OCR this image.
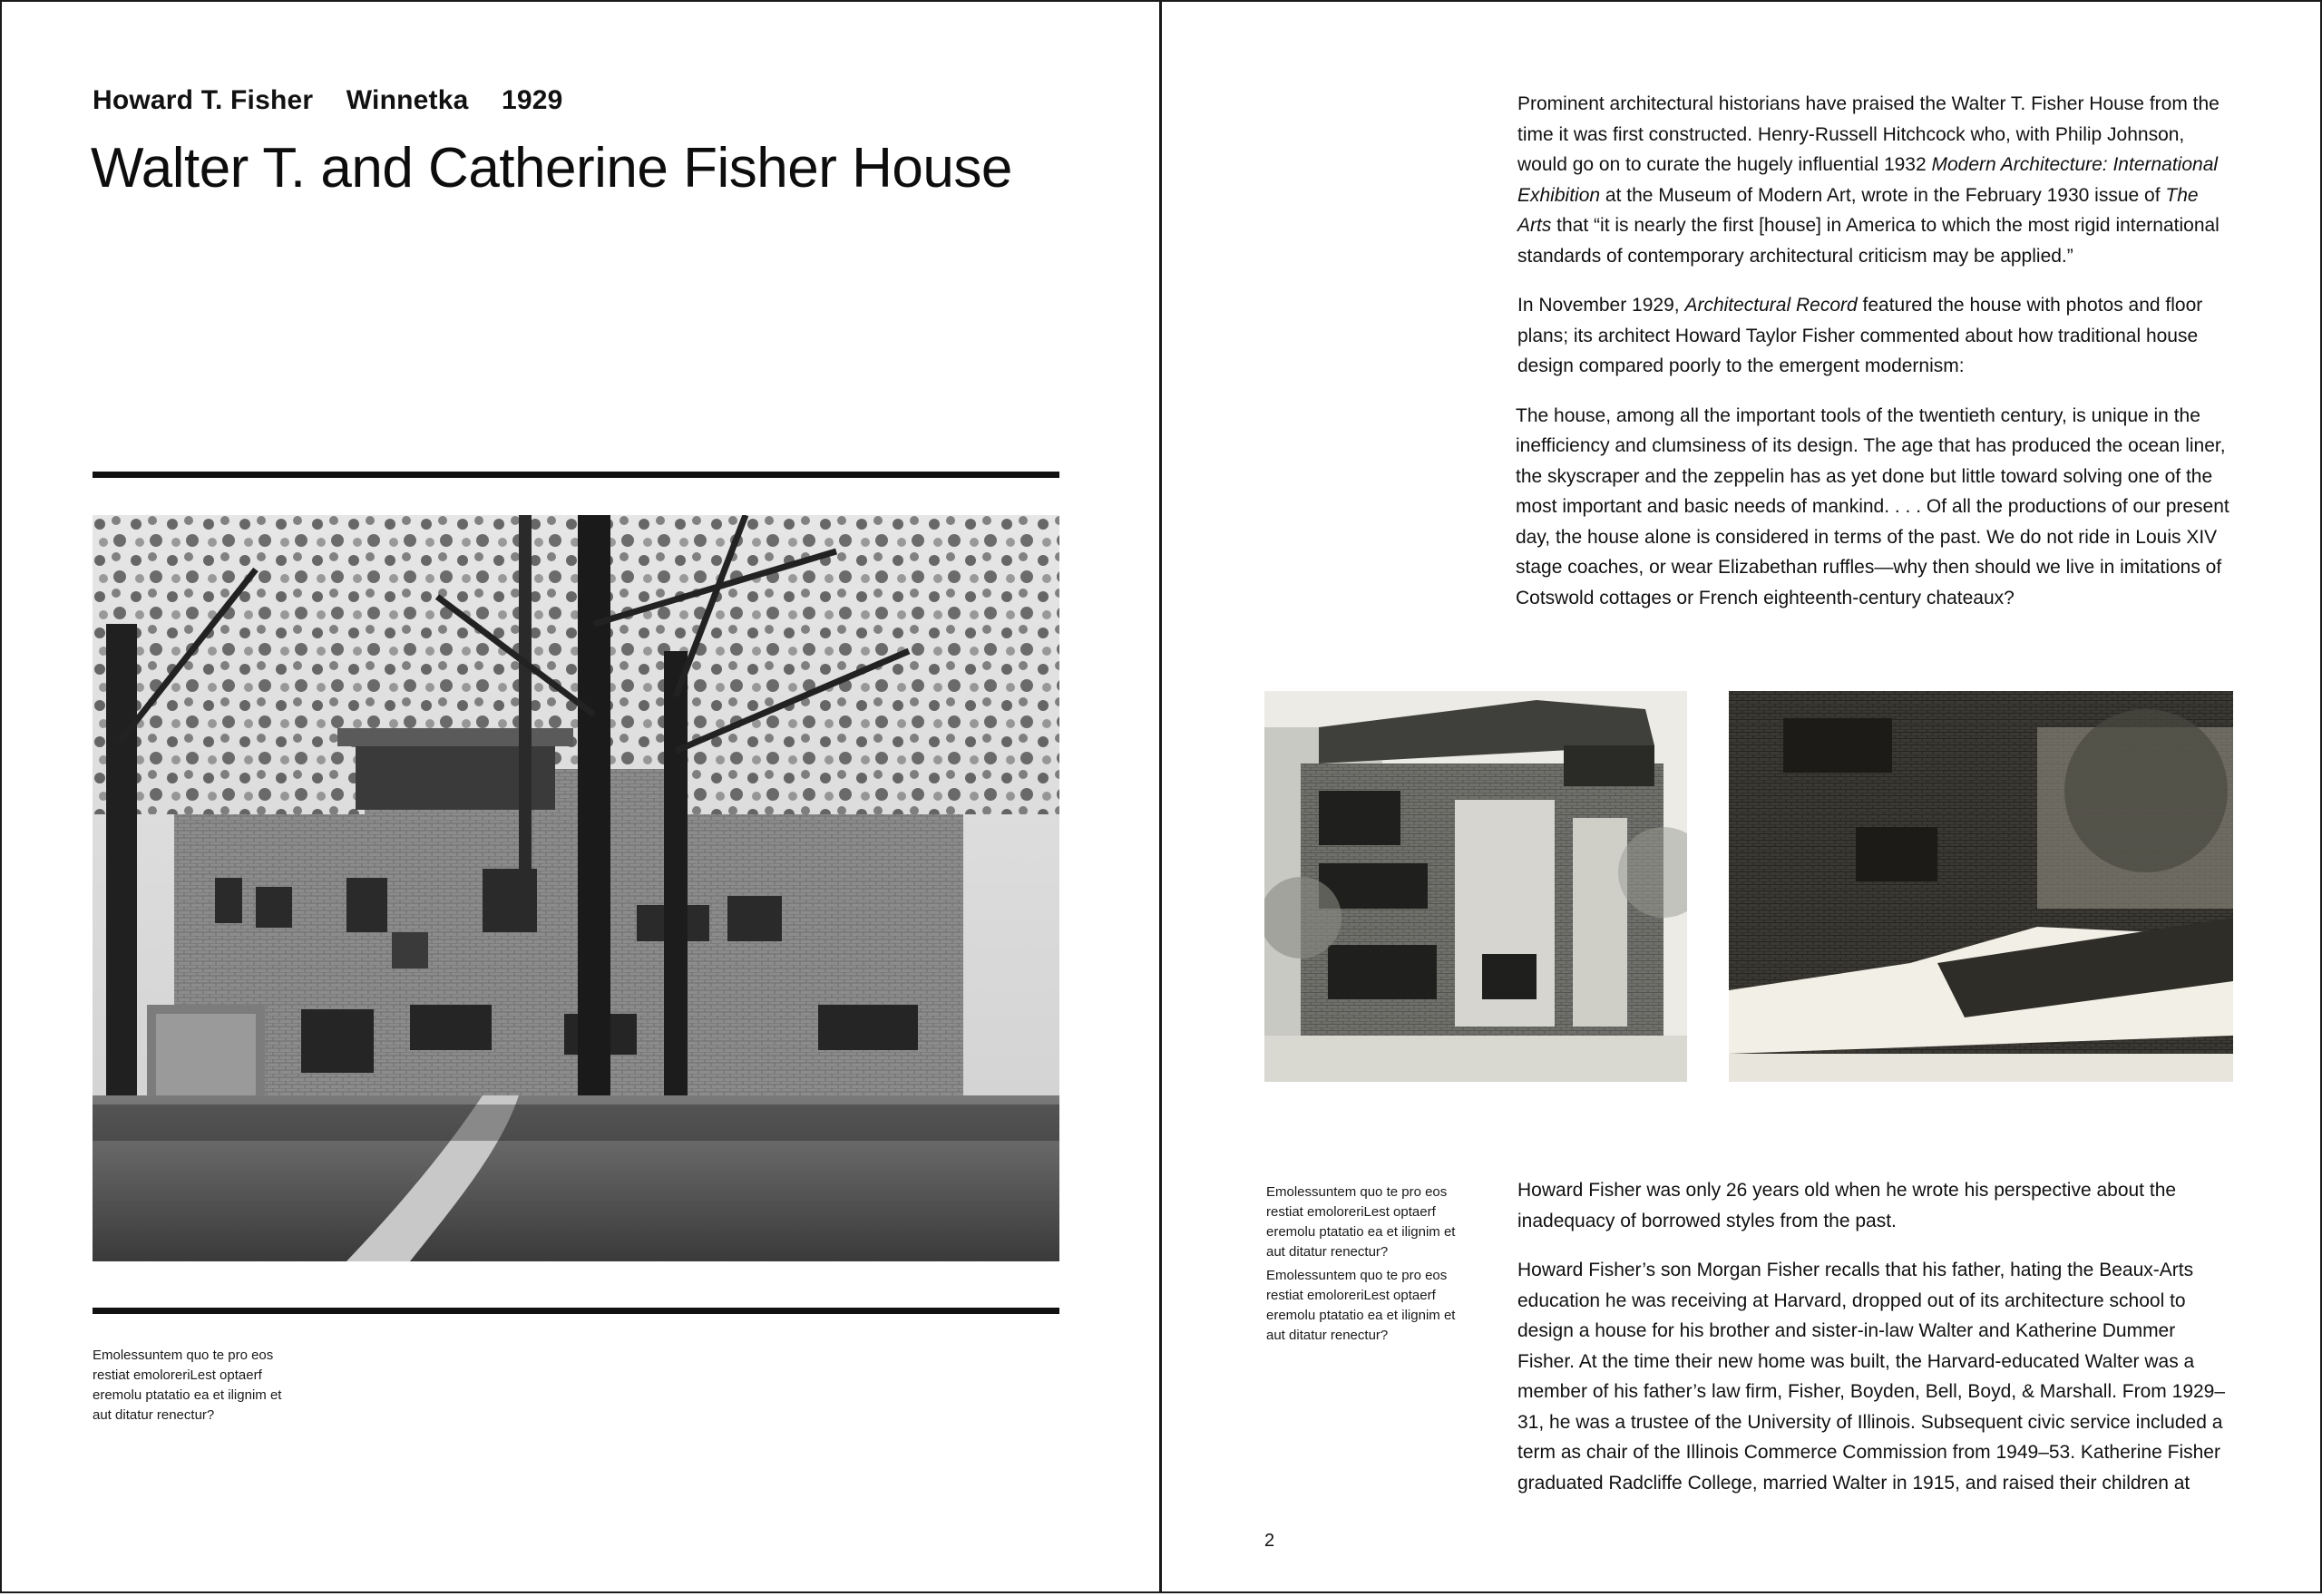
Howard T. Fisher Winnetka 1929
Walter T. and Catherine Fisher House

Emolessuntem quo te pro eos

restiat emoloreriLest optaerf

eremolu ptatatio ea et ilignim et

aut ditatur renectur?

Prominent architectural historians have praised the Walter T. Fisher House from the time it was first constructed. Henry-Russell Hitchcock who, with Philip Johnson, would go on to curate the hugely influential 1932 Modern Architecture: International Exhibition at the Museum of Modern Art, wrote in the February 1930 issue of The Arts that “it is nearly the first [house] in America to which the most rigid international standards of contemporary architectural criticism may be applied.”

In November 1929, Architectural Record featured the house with photos and floor plans; its architect Howard Taylor Fisher commented about how traditional house design compared poorly to the emergent modernism:

The house, among all the important tools of the twentieth century, is unique in the inefficiency and clumsiness of its design. The age that has produced the ocean liner, the skyscraper and the zeppelin has as yet done but little toward solving one of the most important and basic needs of mankind. . . . Of all the productions of our present day, the house alone is considered in terms of the past. We do not ride in Louis XIV stage coaches, or wear Elizabethan ruffles—why then should we live in imitations of Cotswold cottages or French eighteenth-century chateaux?

Emolessuntem quo te pro eos

restiat emoloreriLest optaerf

eremolu ptatatio ea et ilignim et

aut ditatur renectur?

Emolessuntem quo te pro eos

restiat emoloreriLest optaerf

eremolu ptatatio ea et ilignim et

aut ditatur renectur?

Howard Fisher was only 26 years old when he wrote his perspective about the inadequacy of borrowed styles from the past.

Howard Fisher’s son Morgan Fisher recalls that his father, hating the Beaux-Arts education he was receiving at Harvard, dropped out of its architecture school to design a house for his brother and sister-in-law Walter and Katherine Dummer Fisher. At the time their new home was built, the Harvard-educated Walter was a member of his father’s law firm, Fisher, Boyden, Bell, Boyd, & Marshall. From 1929–31, he was a trustee of the University of Illinois. Subsequent civic service included a term as chair of the Illinois Commerce Commission from 1949–53. Katherine Fisher graduated Radcliffe College, married Walter in 1915, and raised their children at

2
